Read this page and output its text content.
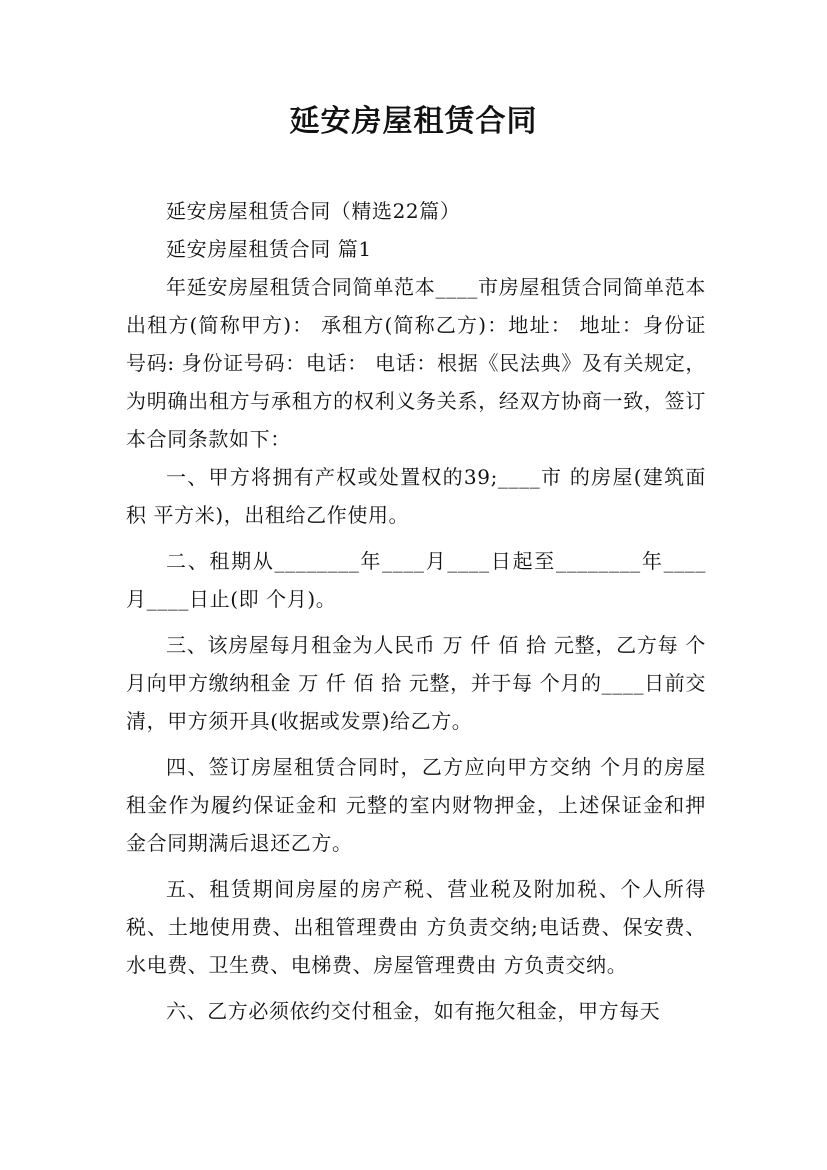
延安房屋租赁合同

延安房屋租赁合同（精选22篇）

延安房屋租赁合同 篇1

年延安房屋租赁合同简单范本____市房屋租赁合同简单范本出租方(简称甲方)： 承租方(简称乙方)：地址： 地址：身份证号码: 身份证号码：电话： 电话：根据《民法典》及有关规定，为明确出租方与承租方的权利义务关系，经双方协商一致，签订本合同条款如下：

一、甲方将拥有产权或处置权的39;____市 的房屋(建筑面积 平方米)，出租给乙作使用。

二、租期从________年____月____日起至________年____月____日止(即 个月)。

三、该房屋每月租金为人民币 万 仟 佰 拾 元整，乙方每 个月向甲方缴纳租金 万 仟 佰 拾 元整，并于每 个月的____日前交清，甲方须开具(收据或发票)给乙方。

四、签订房屋租赁合同时，乙方应向甲方交纳 个月的房屋租金作为履约保证金和 元整的室内财物押金，上述保证金和押金合同期满后退还乙方。

五、租赁期间房屋的房产税、营业税及附加税、个人所得税、土地使用费、出租管理费由 方负责交纳;电话费、保安费、水电费、卫生费、电梯费、房屋管理费由 方负责交纳。

六、乙方必须依约交付租金，如有拖欠租金，甲方每天
